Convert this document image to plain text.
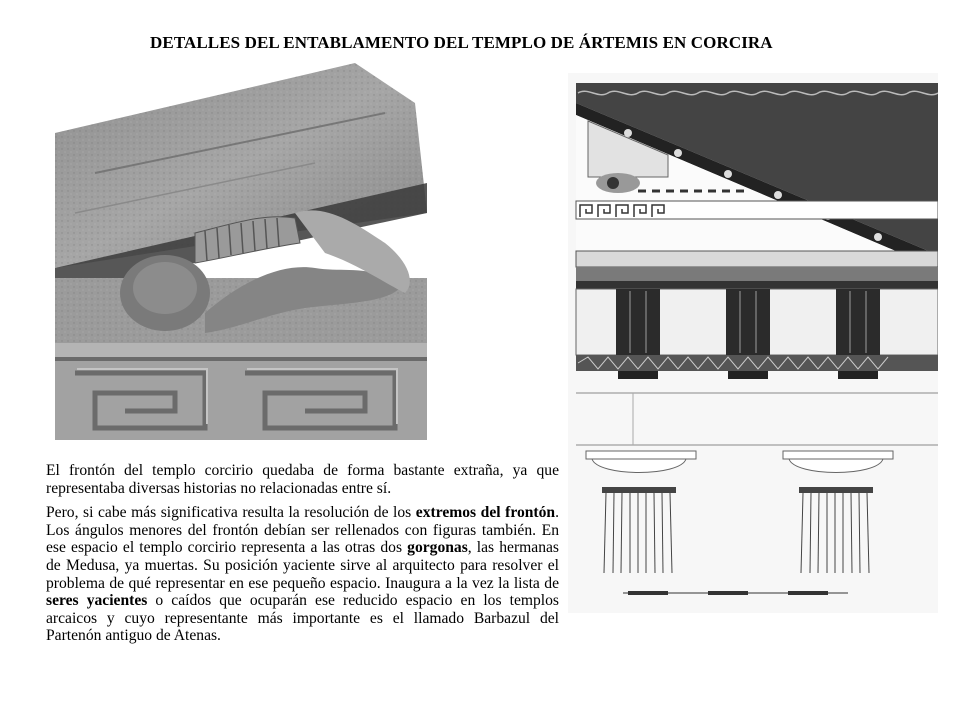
DETALLES DEL ENTABLAMENTO DEL TEMPLO DE ÁRTEMIS EN CORCIRA

El frontón del templo corcirio quedaba de forma bastante extraña, ya que representaba diversas historias no relacionadas entre sí.

Pero, si cabe más significativa resulta la resolución de los extremos del frontón. Los ángulos menores del frontón debían ser rellenados con figuras también. En ese espacio el templo corcirio representa a las otras dos gorgonas, las hermanas de Medusa, ya muertas. Su posición yaciente sirve al arquitecto para resolver el problema de qué representar en ese pequeño espacio. Inaugura a la vez la lista de seres yacientes o caídos que ocuparán ese reducido espacio en los templos arcaicos y cuyo representante más importante es el llamado Barbazul del Partenón antiguo de Atenas.
